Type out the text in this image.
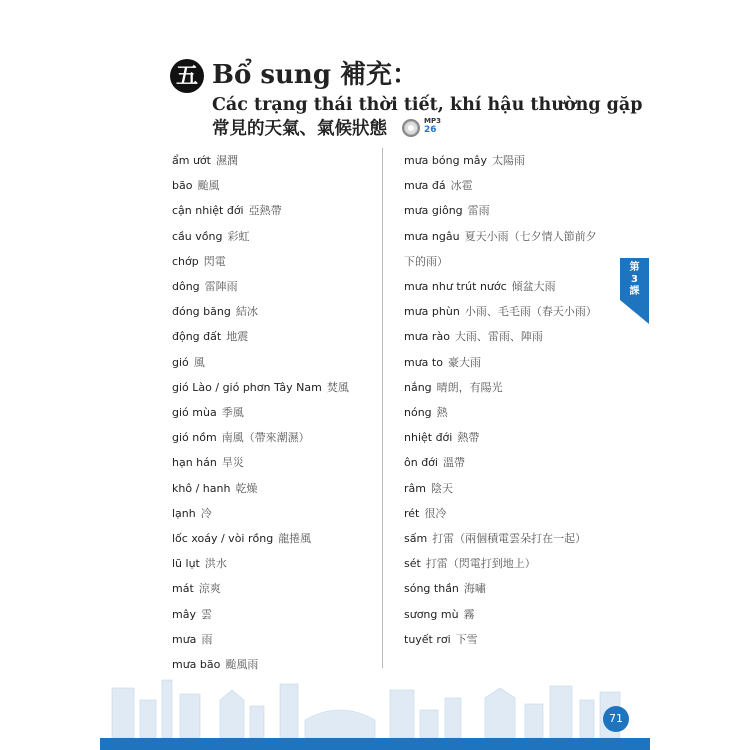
五 Bổ sung 補充：
Các trạng thái thời tiết, khí hậu thường gặp
常見的天氣、氣候狀態	MP3
26
ẩm ướt 濕潤
bão 颱風
cận nhiệt đới 亞熱帶
cầu vồng 彩虹
chớp 閃電
dông 雷陣雨
đóng băng 結冰
động đất 地震
gió 風
gió Lào / gió phơn Tây Nam 焚風
gió mùa 季風
gió nồm 南風（帶來潮濕）
hạn hán 旱災
khô / hanh 乾燥
lạnh 冷
lốc xoáy / vòi rồng 龍捲風
lũ lụt 洪水
mát 涼爽
mây 雲
mưa 雨
mưa bão 颱風雨
mưa bóng mây 太陽雨
mưa đá 冰雹
mưa giông 雷雨
mưa ngâu 夏天小雨（七夕情人節前夕
下的雨）
mưa như trút nước 傾盆大雨
mưa phùn 小雨、毛毛雨（春天小雨）
mưa rào 大雨、雷雨、陣雨
mưa to 豪大雨
nắng 晴朗，有陽光
nóng 熱
nhiệt đới 熱帶
ôn đới 溫帶
râm 陰天
rét 很冷
sấm 打雷（兩個積電雲朵打在一起）
sét 打雷（閃電打到地上）
sóng thần 海嘯
sương mù 霧
tuyết rơi 下雪
第
3
課
71
